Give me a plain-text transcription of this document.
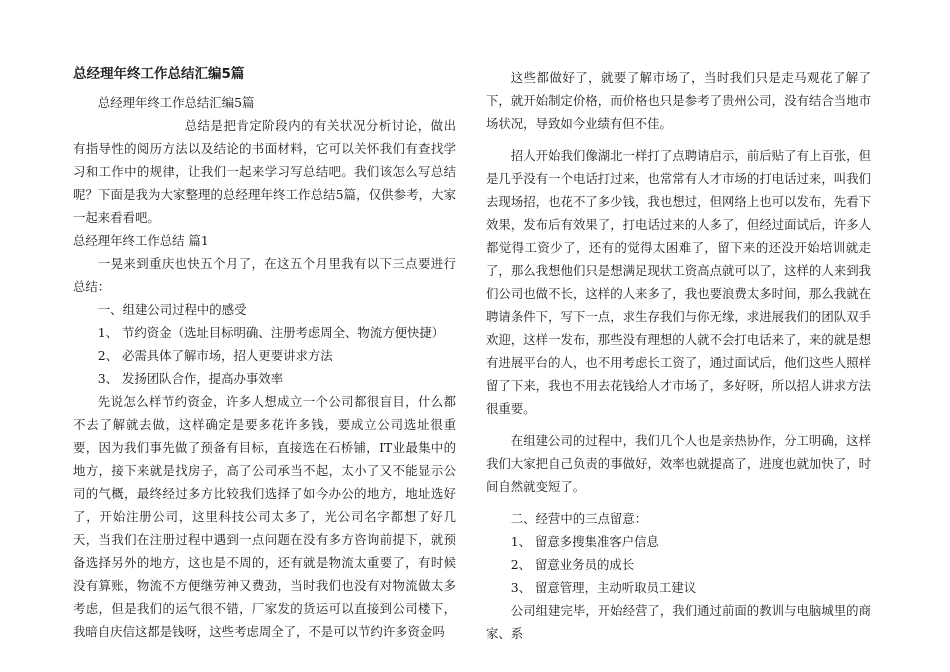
总经理年终工作总结汇编5篇

总经理年终工作总结汇编5篇

总结是把肯定阶段内的有关状况分析讨论，做出有指导性的阅历方法以及结论的书面材料，它可以关怀我们有查找学习和工作中的规律，让我们一起来学习写总结吧。我们该怎么写总结呢？下面是我为大家整理的总经理年终工作总结5篇，仅供参考，大家一起来看看吧。

总经理年终工作总结 篇1

一晃来到重庆也快五个月了，在这五个月里我有以下三点要进行总结：

一、组建公司过程中的感受

1、 节约资金（选址目标明确、注册考虑周全、物流方便快捷）

2、 必需具体了解市场，招人更要讲求方法

3、 发扬团队合作，提高办事效率

先说怎么样节约资金，许多人想成立一个公司都很盲目，什么都不去了解就去做，这样确定是要多花许多钱，要成立公司选址很重要，因为我们事先做了预备有目标，直接选在石桥铺，IT业最集中的地方，接下来就是找房子，高了公司承当不起，太小了又不能显示公司的气概，最终经过多方比较我们选择了如今办公的地方，地址选好了，开始注册公司，这里科技公司太多了，光公司名字都想了好几天，当我们在注册过程中遇到一点问题在没有多方咨询前提下，就预备选择另外的地方，这也是不周的，还有就是物流太重要了，有时候没有算账，物流不方便继劳神又费劲，当时我们也没有对物流做太多考虑，但是我们的运气很不错，厂家发的货运可以直接到公司楼下，我暗自庆信这都是钱呀，这些考虑周全了，不是可以节约许多资金吗

这些都做好了，就要了解市场了，当时我们只是走马观花了解了下，就开始制定价格，而价格也只是参考了贵州公司，没有结合当地市场状况，导致如今业绩有但不佳。

招人开始我们像湖北一样打了点聘请启示，前后贴了有上百张，但是几乎没有一个电话打过来，也常常有人才市场的打电话过来，叫我们去现场招，也花不了多少钱，我也想过，但网络上也可以发布，先看下效果，发布后有效果了，打电话过来的人多了，但经过面试后，许多人都觉得工资少了，还有的觉得太困难了，留下来的还没开始培训就走了，那么我想他们只是想满足现状工资高点就可以了，这样的人来到我们公司也做不长，这样的人来多了，我也要浪费太多时间，那么我就在聘请条件下，写下一点，求生存我们与你无缘，求进展我们的团队双手欢迎，这样一发布，那些没有理想的人就不会打电话来了，来的就是想有进展平台的人，也不用考虑长工资了，通过面试后，他们这些人照样留了下来，我也不用去花钱给人才市场了，多好呀，所以招人讲求方法很重要。

在组建公司的过程中，我们几个人也是亲热协作，分工明确，这样我们大家把自己负责的事做好，效率也就提高了，进度也就加快了，时间自然就变短了。

二、经营中的三点留意：

1、 留意多搜集准客户信息

2、 留意业务员的成长

3、 留意管理，主动听取员工建议

公司组建完毕，开始经营了，我们通过前面的教训与电脑城里的商家、系
